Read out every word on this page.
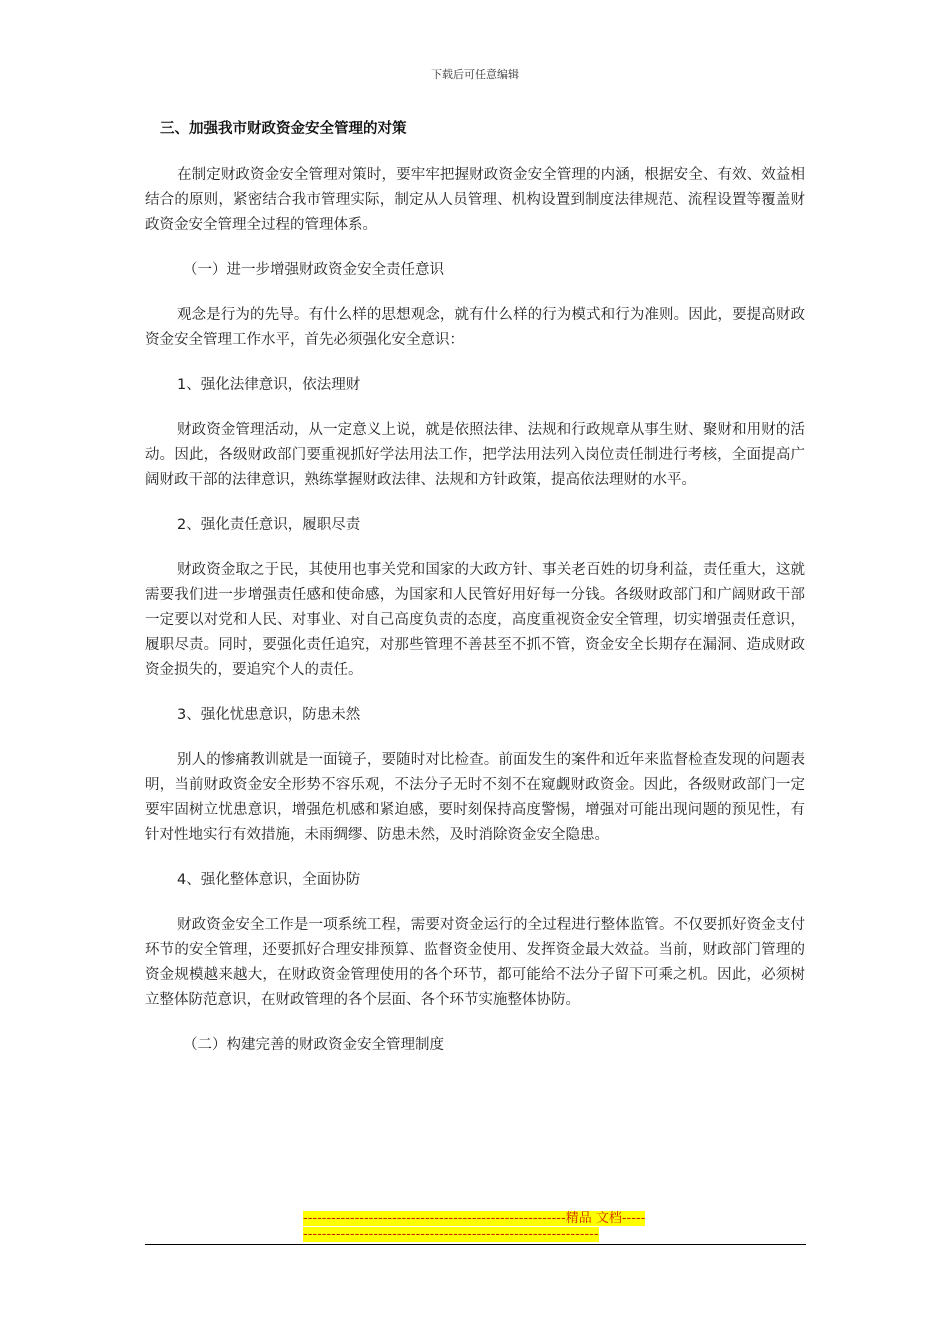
下载后可任意编辑
三、加强我市财政资金安全管理的对策

在制定财政资金安全管理对策时，要牢牢把握财政资金安全管理的内涵，根据安全、有效、效益相结合的原则，紧密结合我市管理实际，制定从人员管理、机构设置到制度法律规范、流程设置等覆盖财政资金安全管理全过程的管理体系。

（一）进一步增强财政资金安全责任意识

观念是行为的先导。有什么样的思想观念，就有什么样的行为模式和行为准则。因此，要提高财政资金安全管理工作水平，首先必须强化安全意识：

1、强化法律意识，依法理财

财政资金管理活动，从一定意义上说，就是依照法律、法规和行政规章从事生财、聚财和用财的活动。因此，各级财政部门要重视抓好学法用法工作，把学法用法列入岗位责任制进行考核，全面提高广阔财政干部的法律意识，熟练掌握财政法律、法规和方针政策，提高依法理财的水平。

2、强化责任意识，履职尽责

财政资金取之于民，其使用也事关党和国家的大政方针、事关老百姓的切身利益，责任重大，这就需要我们进一步增强责任感和使命感，为国家和人民管好用好每一分钱。各级财政部门和广阔财政干部一定要以对党和人民、对事业、对自己高度负责的态度，高度重视资金安全管理，切实增强责任意识，履职尽责。同时，要强化责任追究，对那些管理不善甚至不抓不管，资金安全长期存在漏洞、造成财政资金损失的，要追究个人的责任。

3、强化忧患意识，防患未然

别人的惨痛教训就是一面镜子，要随时对比检查。前面发生的案件和近年来监督检查发现的问题表明，当前财政资金安全形势不容乐观，不法分子无时不刻不在窥觑财政资金。因此，各级财政部门一定要牢固树立忧患意识，增强危机感和紧迫感，要时刻保持高度警惕，增强对可能出现问题的预见性，有针对性地实行有效措施，未雨绸缪、防患未然，及时消除资金安全隐患。

4、强化整体意识，全面协防

财政资金安全工作是一项系统工程，需要对资金运行的全过程进行整体监管。不仅要抓好资金支付环节的安全管理，还要抓好合理安排预算、监督资金使用、发挥资金最大效益。当前，财政部门管理的资金规模越来越大，在财政资金管理使用的各个环节，都可能给不法分子留下可乘之机。因此，必须树立整体防范意识，在财政管理的各个层面、各个环节实施整体协防。

（二）构建完善的财政资金安全管理制度
--------------------------------------------------------精品 文档--------------------------------------------------------------------
